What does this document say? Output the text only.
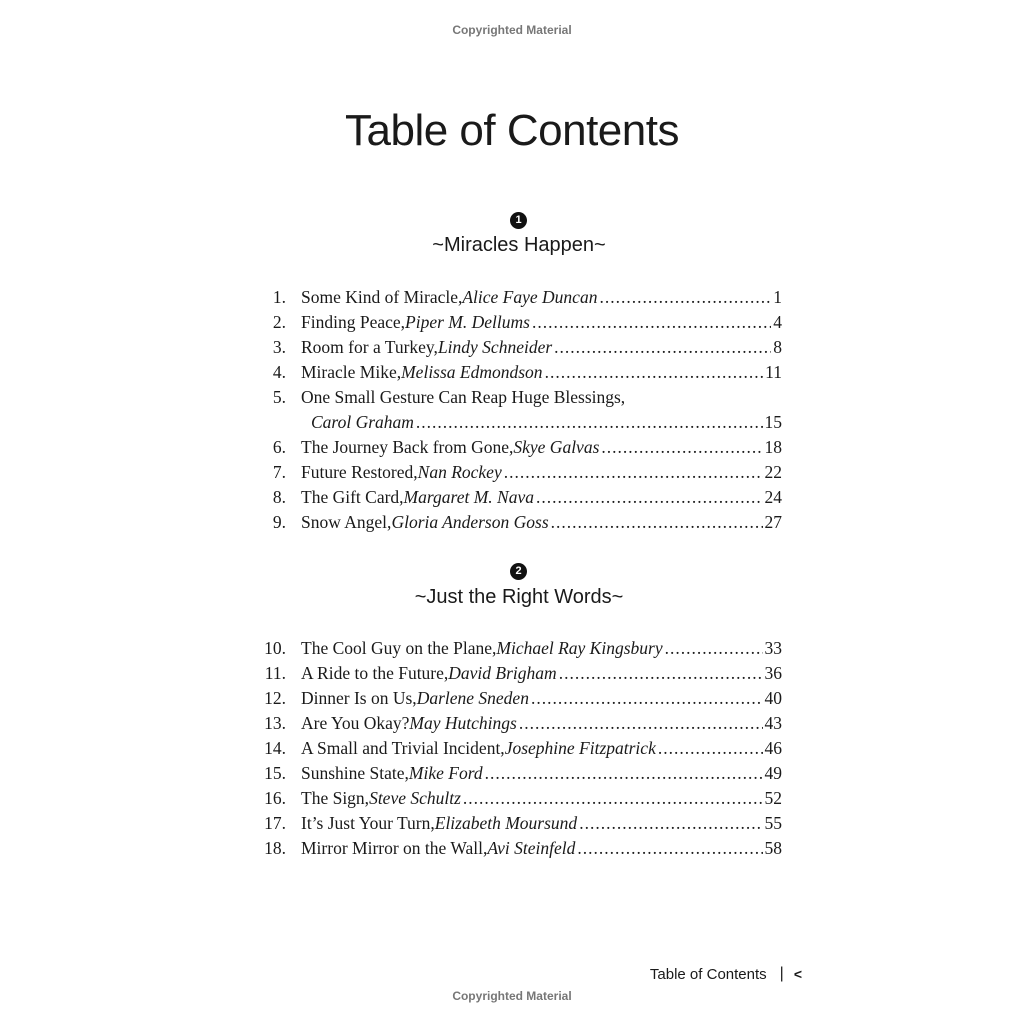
Copyrighted Material
Table of Contents
1
~Miracles Happen~
1. Some Kind of Miracle, Alice Faye Duncan .....	1
2. Finding Peace, Piper M. Dellums .....	4
3. Room for a Turkey, Lindy Schneider .....	8
4. Miracle Mike, Melissa Edmondson .....	11
5. One Small Gesture Can Reap Huge Blessings,
Carol Graham .....	15
6. The Journey Back from Gone, Skye Galvas .....	18
7. Future Restored, Nan Rockey .....	22
8. The Gift Card, Margaret M. Nava .....	24
9. Snow Angel, Gloria Anderson Goss .....	27
2
~Just the Right Words~
10. The Cool Guy on the Plane, Michael Ray Kingsbury .....	33
11. A Ride to the Future, David Brigham .....	36
12. Dinner Is on Us, Darlene Sneden .....	40
13. Are You Okay? May Hutchings .....	43
14. A Small and Trivial Incident, Josephine Fitzpatrick .....	46
15. Sunshine State, Mike Ford .....	49
16. The Sign, Steve Schultz .....	52
17. It’s Just Your Turn, Elizabeth Moursund .....	55
18. Mirror Mirror on the Wall, Avi Steinfeld .....	58
Table of Contents | <
Copyrighted Material
